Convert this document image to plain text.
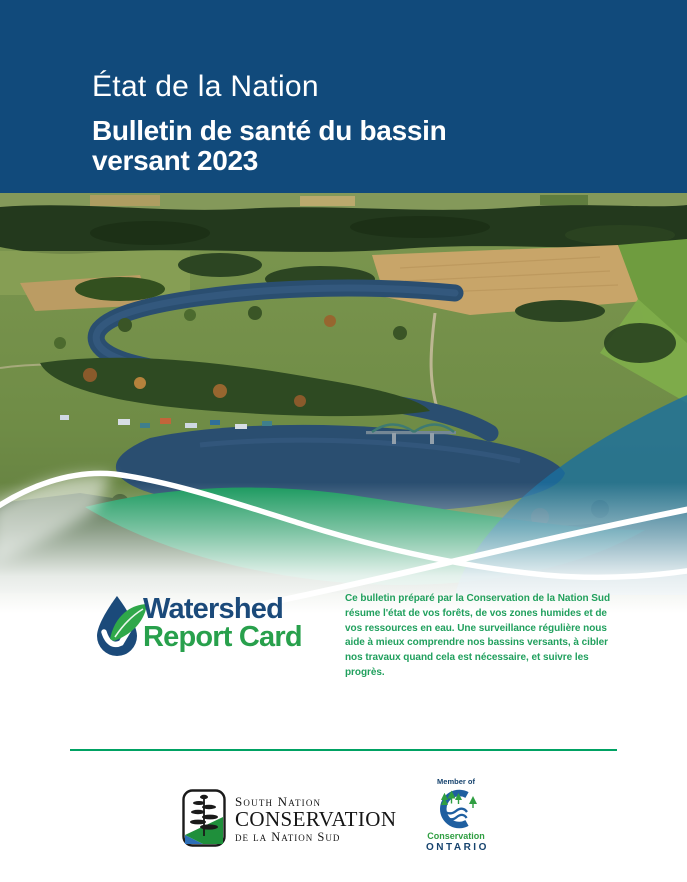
État de la Nation
Bulletin de santé du bassin versant 2023
Watershed
Report Card

Ce bulletin préparé par la Conservation de la Nation Sud résume l'état de vos forêts, de vos zones humides et de vos ressources en eau. Une surveillance régulière nous aide à mieux comprendre nos bassins versants, à cibler nos travaux quand cela est nécessaire, et suivre les progrès.

South Nation
CONSERVATION
de la Nation Sud
Member of
Conservation
ONTARIO
